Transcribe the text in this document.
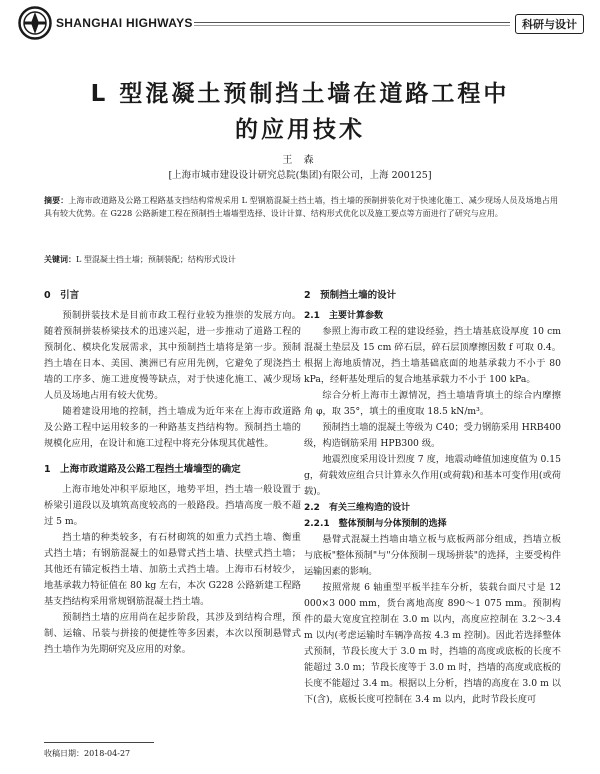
SHANGHAI HIGHWAYS	科研与设计
L 型混凝土预制挡土墙在道路工程中
的应用技术
王 森
[上海市城市建设设计研究总院(集团)有限公司，上海 200125]
摘要：上海市政道路及公路工程路基支挡结构常规采用 L 型钢筋混凝土挡土墙，挡土墙的预制拼装化对于快速化施工、减少现场人员及场地占用具有较大优势。在 G228 公路新建工程在预制挡土墙墙型选择、设计计算、结构形式优化以及施工要点等方面进行了研究与应用。
关键词：L 型混凝土挡土墙；预制装配；结构形式设计
0　引言

预制拼装技术是目前市政工程行业较为推崇的发展方向。随着预制拼装桥梁技术的迅速兴起，进一步推动了道路工程的预制化、模块化发展需求，其中预制挡土墙将是第一步。预制挡土墙在日本、美国、澳洲已有应用先例，它避免了现浇挡土墙的工序多、施工进度慢等缺点，对于快速化施工、减少现场人员及场地占用有较大优势。

随着建设用地的控制，挡土墙成为近年来在上海市政道路及公路工程中运用较多的一种路基支挡结构物。预制挡土墙的规模化应用，在设计和施工过程中将充分体现其优越性。

1　上海市政道路及公路工程挡土墙墙型的确定

上海市地处冲积平原地区，地势平坦，挡土墙一般设置于桥梁引道段以及填筑高度较高的一般路段。挡墙高度一般不超过 5 m。

挡土墙的种类较多，有石材砌筑的如重力式挡土墙、衡重式挡土墙；有钢筋混凝土的如悬臂式挡土墙、扶壁式挡土墙；其他还有锚定板挡土墙、加筋土式挡土墙。上海市石材较少，地基承载力特征值在 80 kg 左右，本次 G228 公路新建工程路基支挡结构采用常规钢筋混凝土挡土墙。

预制挡土墙的应用尚在起步阶段，其涉及到结构合理，预制、运输、吊装与拼接的便捷性等多因素，本次以预制悬臂式挡土墙作为先期研究及应用的对象。

2　预制挡土墙的设计
2.1　主要计算参数

参照上海市政工程的建设经验，挡土墙基底设厚度 10 cm 混凝土垫层及 15 cm 碎石层，碎石层顶摩擦因数 f 可取 0.4。根据上海地质情况，挡土墙基础底面的地基承载力不小于 80 kPa，经軒基处理后的复合地基承载力不小于 100 kPa。

综合分析上海市土源情况，挡土墙墙背填土的综合内摩擦角 φ，取 35°，填土的重度取 18.5 kN/m³。

预制挡土墙的混凝土等级为 C40；受力钢筋采用 HRB400 级，构造钢筋采用 HPB300 级。

地震烈度采用设计烈度 7 度，地震动峰值加速度值为 0.15 g，荷载效应组合只计算永久作用(或荷载)和基本可变作用(或荷载)。

2.2　有关三维构造的设计
2.2.1　整体预制与分体预制的选择

悬臂式混凝土挡墙由墙立板与底板两部分组成，挡墙立板与底板"整体预制"与"分体预制－现场拼装"的选择，主要受构件运输因素的影响。

按照常规 6 轴重型平板半挂车分析，装载台面尺寸是 12 000×3 000 mm，货台离地高度 890～1 075 mm。预制构件的最大宽度宜控制在 3.0 m 以内，高度应控制在 3.2～3.4 m 以内(考虑运输时车辆净高按 4.3 m 控制)。因此若选择整体式预制，节段长度大于 3.0 m 时，挡墙的高度或底板的长度不能超过 3.0 m；节段长度等于 3.0 m 时，挡墙的高度或底板的长度不能超过 3.4 m。根据以上分析，挡墙的高度在 3.0 m 以下(含)，底板长度可控制在 3.4 m 以内，此时节段长度可

收稿日期：2018-04-27
